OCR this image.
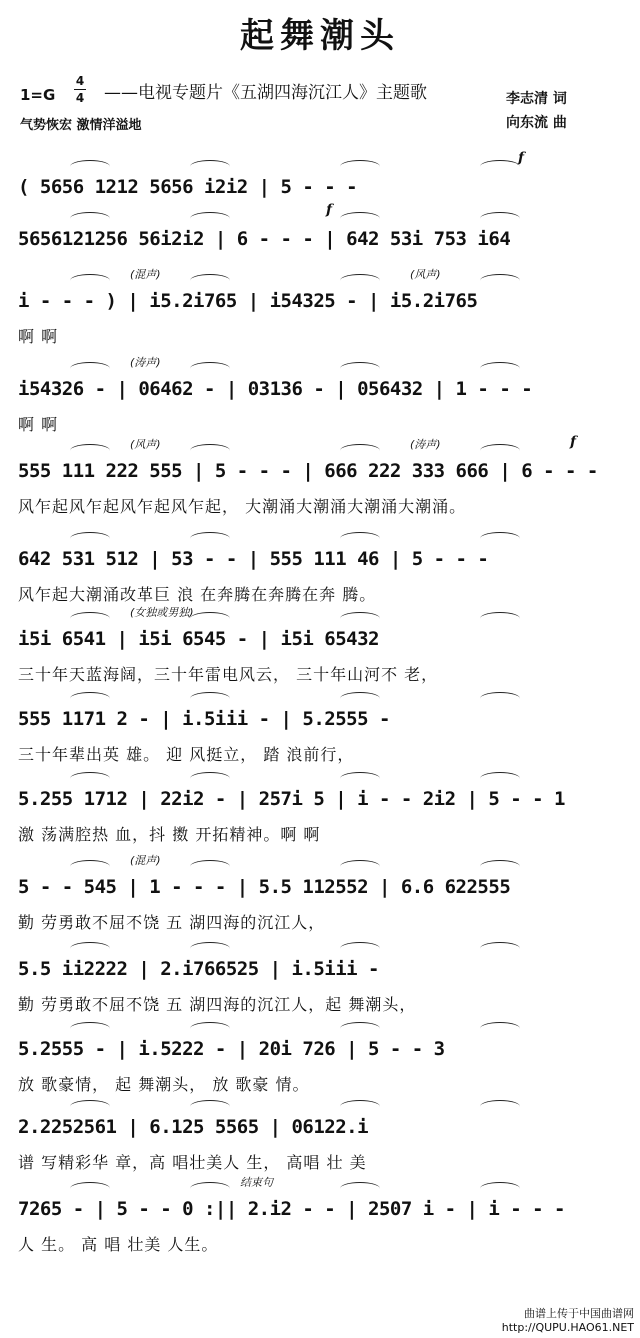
起舞潮头
1=G
4
4 ——电视专题片《五湖四海沉江人》主题歌	李志清 词
向东流 曲
气势恢宏 激情洋溢地
( 5656 1212 5656 i2i2 | 5 - - -
f
5656121256 56i2i2 | 6 - - - | 642 53i 753 i64
f
i - - - ) | i5.2i765 | i54325 - | i5.2i765
啊 啊
(混声)	(风声)
i54326 - | 06462 - | 03136 - | 056432 | 1 - - -
啊 啊
(涛声)
555 111 222 555 | 5 - - - | 666 222 333 666 | 6 - - -
风乍起风乍起风乍起风乍起， 大潮涌大潮涌大潮涌大潮涌。
(风声)	(涛声)	f
642 531 512 | 53 - - | 555 111 46 | 5 - - -
风乍起大潮涌改革巨 浪 在奔腾在奔腾在奔 腾。
i5i 6541 | i5i 6545 - | i5i 65432
三十年天蓝海阔，三十年雷电风云， 三十年山河不 老，
(女独或男独)
555 1171 2 - | i.5iii - | 5.2555 -
三十年辈出英 雄。 迎 风挺立， 踏 浪前行，
5.255 1712 | 22i2 - | 257i 5 | i - - 2i2 | 5 - - 1
激 荡满腔热 血，抖 擞 开拓精神。啊 啊
5 - - 545 | 1 - - - | 5.5 112552 | 6.6 622555
勤 劳勇敢不屈不饶 五 湖四海的沉江人，
(混声)
5.5 ii2222 | 2.i766525 | i.5iii -
勤 劳勇敢不屈不饶 五 湖四海的沉江人，起 舞潮头，
5.2555 - | i.5222 - | 20i 726 | 5 - - 3
放 歌豪情， 起 舞潮头， 放 歌豪 情。
2.2252561 | 6.125 5565 | 06122.i
谱 写精彩华 章，高 唱壮美人 生， 高唱 壮 美
7265 - | 5 - - 0 :|| 2.i2 - - | 2507 i - | i - - -
人 生。 高 唱 壮美 人生。
结束句
曲谱上传于中国曲谱网
http://QUPU.HAO61.NET
